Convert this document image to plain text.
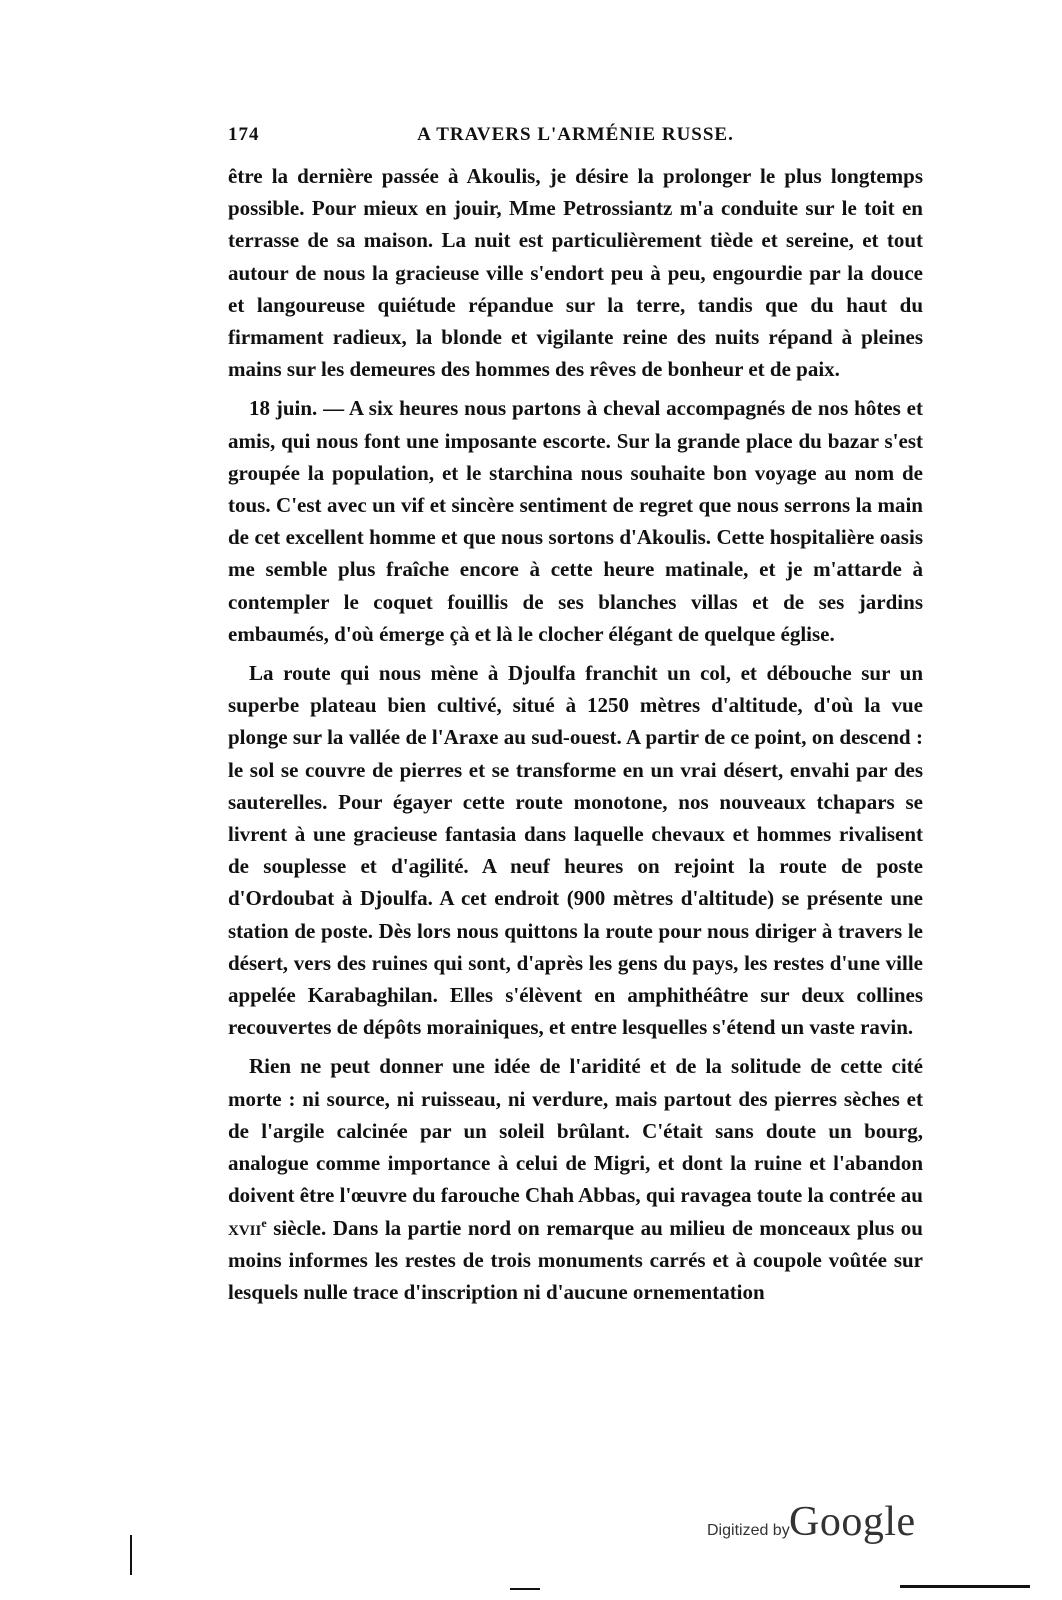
174	A TRAVERS L'ARMÉNIE RUSSE.

être la dernière passée à Akoulis, je désire la prolonger le plus longtemps possible. Pour mieux en jouir, Mme Petrossiantz m'a conduite sur le toit en terrasse de sa maison. La nuit est particulièrement tiède et sereine, et tout autour de nous la gracieuse ville s'endort peu à peu, engourdie par la douce et langoureuse quiétude répandue sur la terre, tandis que du haut du firmament radieux, la blonde et vigilante reine des nuits répand à pleines mains sur les demeures des hommes des rêves de bonheur et de paix.

18 juin. — A six heures nous partons à cheval accompagnés de nos hôtes et amis, qui nous font une imposante escorte. Sur la grande place du bazar s'est groupée la population, et le starchina nous souhaite bon voyage au nom de tous. C'est avec un vif et sincère sentiment de regret que nous serrons la main de cet excellent homme et que nous sortons d'Akoulis. Cette hospitalière oasis me semble plus fraîche encore à cette heure matinale, et je m'attarde à contempler le coquet fouillis de ses blanches villas et de ses jardins embaumés, d'où émerge çà et là le clocher élégant de quelque église.

La route qui nous mène à Djoulfa franchit un col, et débouche sur un superbe plateau bien cultivé, situé à 1250 mètres d'altitude, d'où la vue plonge sur la vallée de l'Araxe au sud-ouest. A partir de ce point, on descend : le sol se couvre de pierres et se transforme en un vrai désert, envahi par des sauterelles. Pour égayer cette route monotone, nos nouveaux tchapars se livrent à une gracieuse fantasia dans laquelle chevaux et hommes rivalisent de souplesse et d'agilité. A neuf heures on rejoint la route de poste d'Ordoubat à Djoulfa. A cet endroit (900 mètres d'altitude) se présente une station de poste. Dès lors nous quittons la route pour nous diriger à travers le désert, vers des ruines qui sont, d'après les gens du pays, les restes d'une ville appelée Karabaghilan. Elles s'élèvent en amphithéâtre sur deux collines recouvertes de dépôts morainiques, et entre lesquelles s'étend un vaste ravin.

Rien ne peut donner une idée de l'aridité et de la solitude de cette cité morte : ni source, ni ruisseau, ni verdure, mais partout des pierres sèches et de l'argile calcinée par un soleil brûlant. C'était sans doute un bourg, analogue comme importance à celui de Migri, et dont la ruine et l'abandon doivent être l'œuvre du farouche Chah Abbas, qui ravagea toute la contrée au xvii$^e$ siècle. Dans la partie nord on remarque au milieu de monceaux plus ou moins informes les restes de trois monuments carrés et à coupole voûtée sur lesquels nulle trace d'inscription ni d'aucune ornementation

Digitized by Google
